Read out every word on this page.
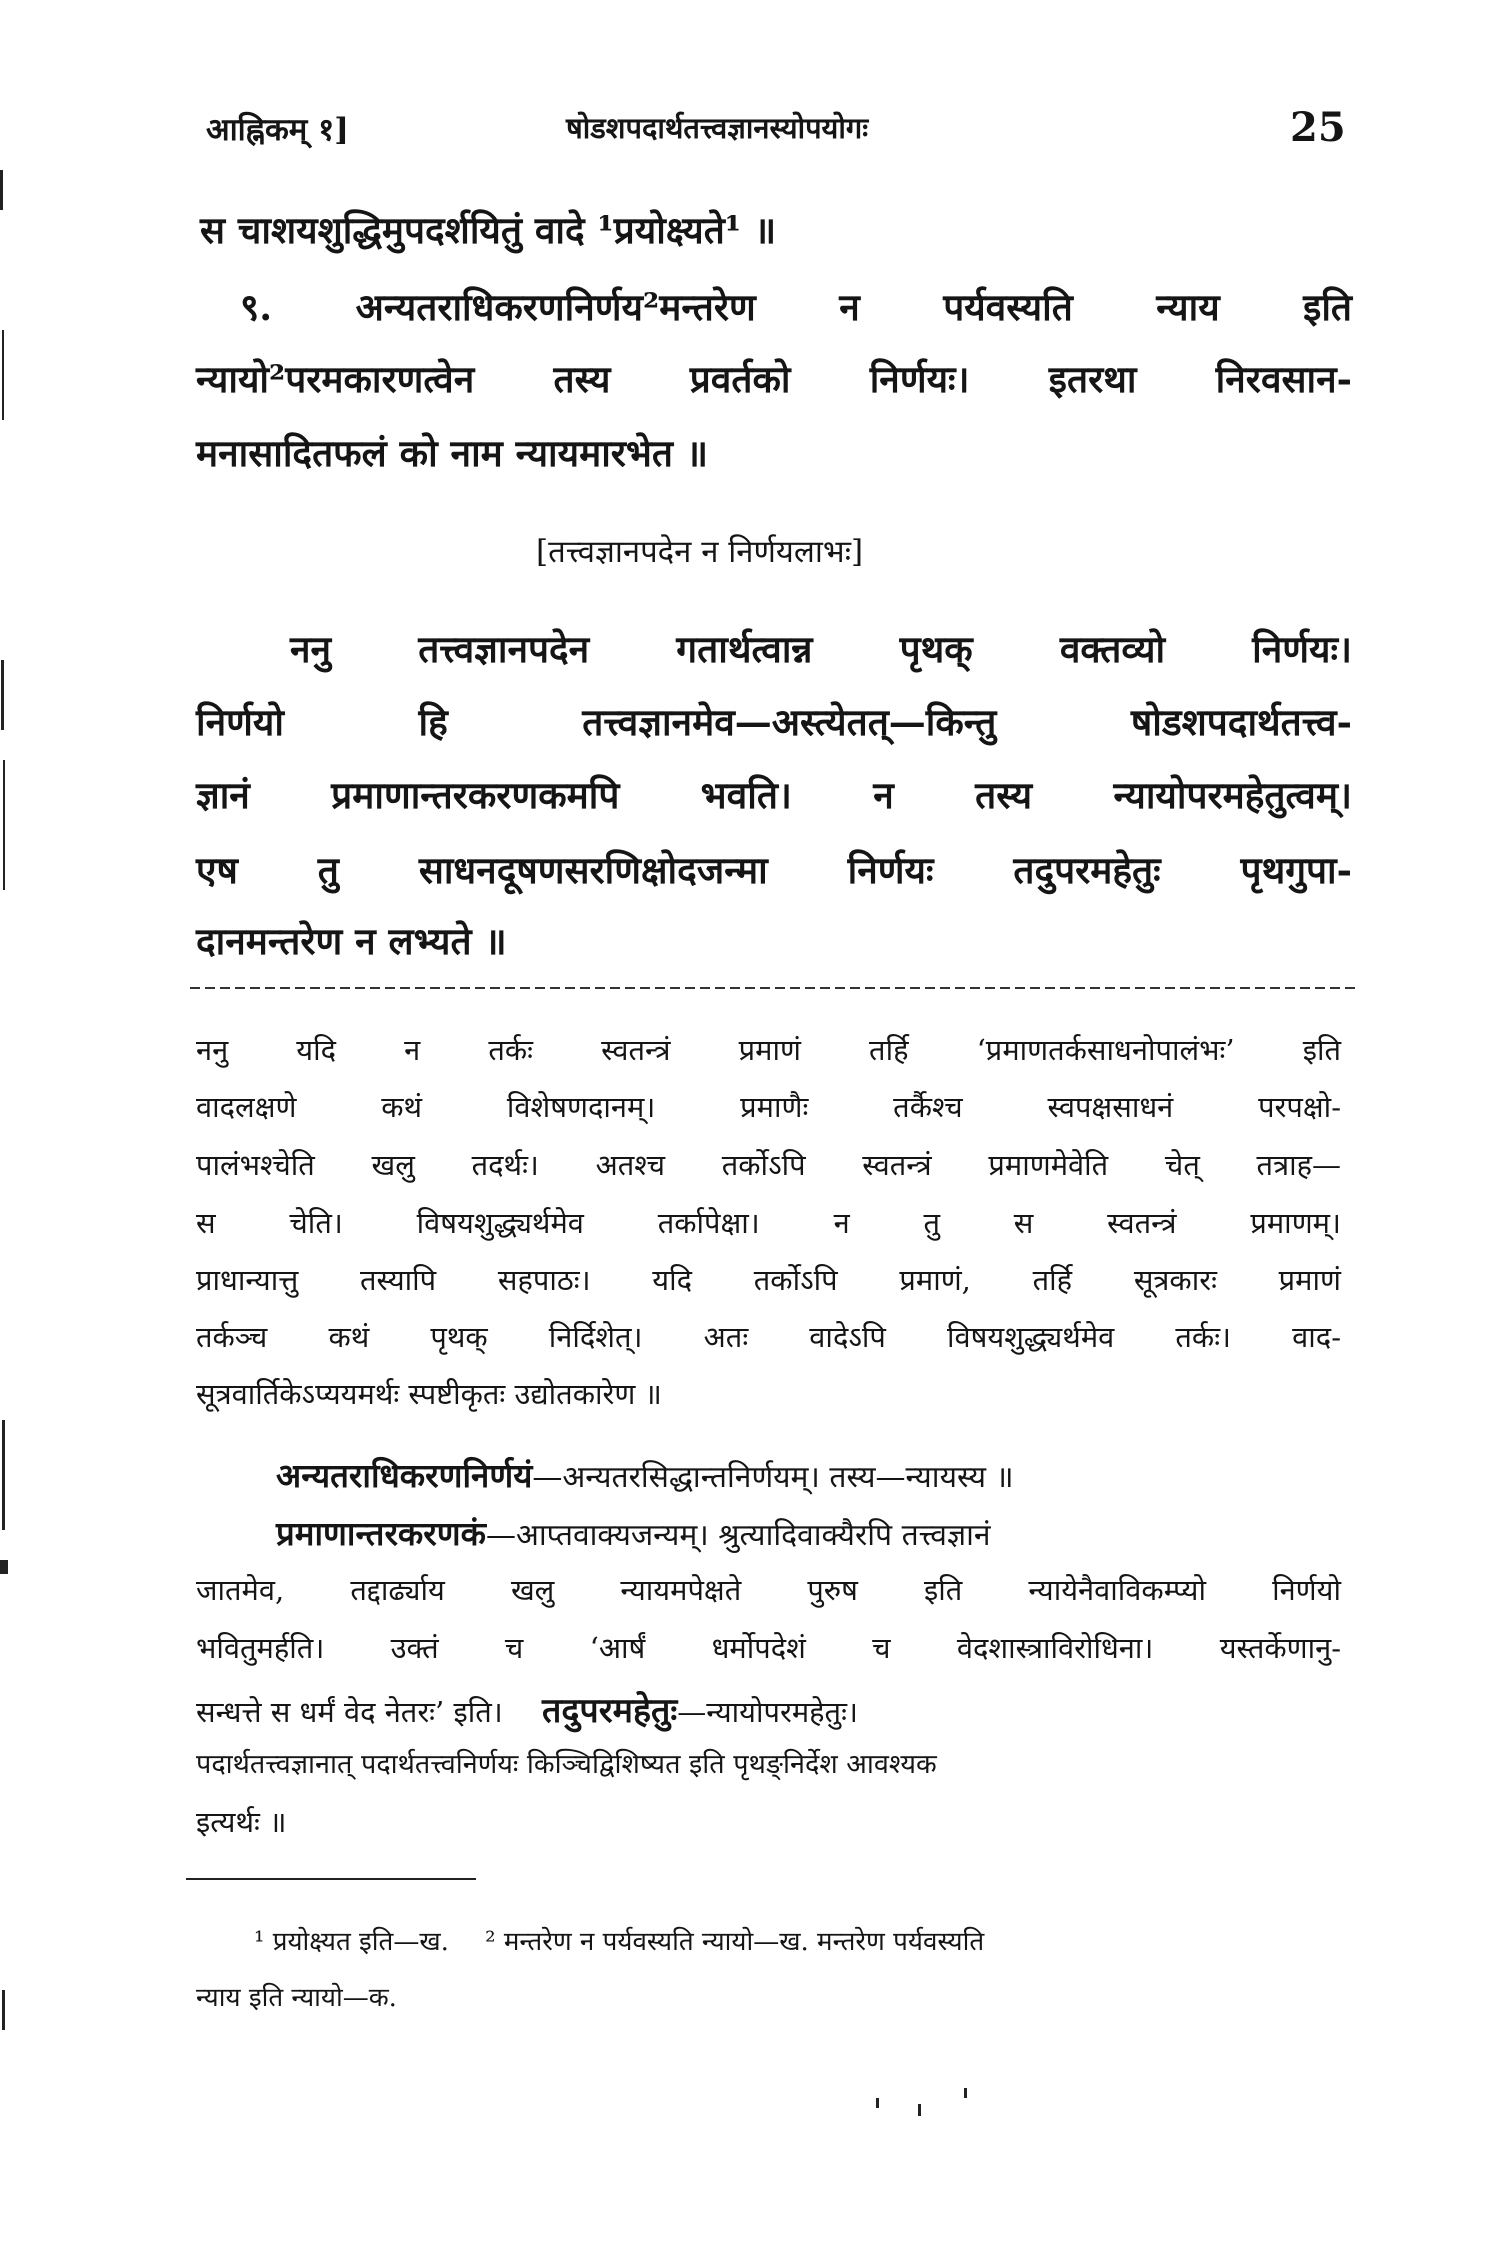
आह्निकम् १]	षोडशपदार्थतत्त्वज्ञानस्योपयोगः	25
स चाशयशुद्धिमुपदर्शयितुं वादे ¹प्रयोक्ष्यते¹ ॥
९. अन्यतराधिकरणनिर्णय²मन्तरेण न पर्यवस्यति न्याय इति
न्यायो²परमकारणत्वेन तस्य प्रवर्तको निर्णयः। इतरथा निरवसान-
मनासादितफलं को नाम न्यायमारभेत ॥
[तत्त्वज्ञानपदेन न निर्णयलाभः]
ननु तत्त्वज्ञानपदेन गतार्थत्वान्न पृथक् वक्तव्यो निर्णयः।
निर्णयो हि तत्त्वज्ञानमेव—अस्त्येतत्—किन्तु षोडशपदार्थतत्त्व-
ज्ञानं प्रमाणान्तरकरणकमपि भवति। न तस्य न्यायोपरमहेतुत्वम्।
एष तु साधनदूषणसरणिक्षोदजन्मा निर्णयः तदुपरमहेतुः पृथगुपा-
दानमन्तरेण न लभ्यते ॥
ननु यदि न तर्कः स्वतन्त्रं प्रमाणं तर्हि ‘प्रमाणतर्कसाधनोपालंभः’ इति
वादलक्षणे कथं विशेषणदानम्। प्रमाणैः तर्कैश्च स्वपक्षसाधनं परपक्षो-
पालंभश्चेति खलु तदर्थः। अतश्च तर्कोऽपि स्वतन्त्रं प्रमाणमेवेति चेत् तत्राह—
स चेति। विषयशुद्ध्यर्थमेव तर्कापेक्षा। न तु स स्वतन्त्रं प्रमाणम्।
प्राधान्यात्तु तस्यापि सहपाठः। यदि तर्कोऽपि प्रमाणं, तर्हि सूत्रकारः प्रमाणं
तर्कञ्च कथं पृथक् निर्दिशेत्। अतः वादेऽपि विषयशुद्ध्यर्थमेव तर्कः। वाद-
सूत्रवार्तिकेऽप्ययमर्थः स्पष्टीकृतः उद्योतकारेण ॥
अन्यतराधिकरणनिर्णयं—अन्यतरसिद्धान्तनिर्णयम्। तस्य—न्यायस्य ॥
प्रमाणान्तरकरणकं—आप्तवाक्यजन्यम्। श्रुत्यादिवाक्यैरपि तत्त्वज्ञानं
जातमेव, तद्दार्ढ्याय खलु न्यायमपेक्षते पुरुष इति न्यायेनैवाविकम्प्यो निर्णयो
भवितुमर्हति। उक्तं च ‘आर्षं धर्मोपदेशं च वेदशास्त्राविरोधिना। यस्तर्केणानु-
सन्धत्ते स धर्मं वेद नेतरः’ इति। तदुपरमहेतुः—न्यायोपरमहेतुः।
पदार्थतत्त्वज्ञानात् पदार्थतत्त्वनिर्णयः किञ्चिद्विशिष्यत इति पृथङ्निर्देश आवश्यक
इत्यर्थः ॥
¹ प्रयोक्ष्यत इति—ख. ² मन्तरेण न पर्यवस्यति न्यायो—ख. मन्तरेण पर्यवस्यति
न्याय इति न्यायो—क.
